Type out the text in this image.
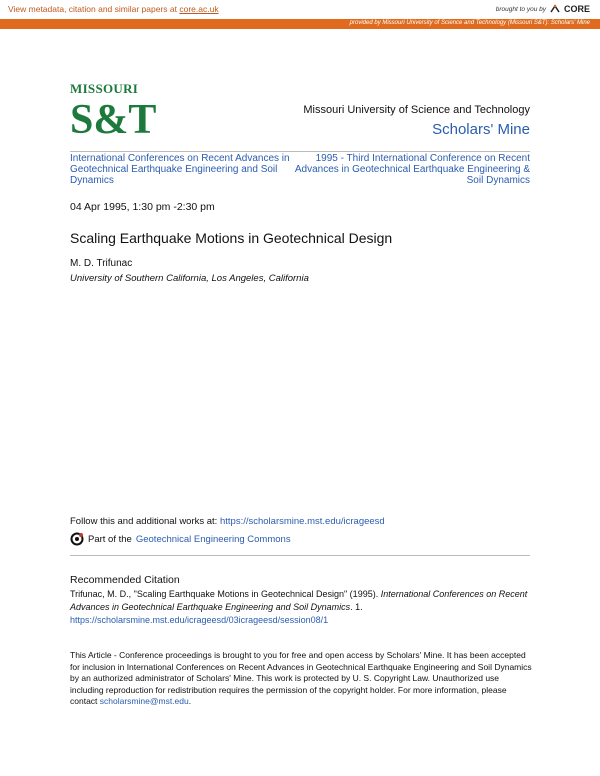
View metadata, citation and similar papers at core.ac.uk	brought to you by CORE
provided by Missouri University of Science and Technology (Missouri S&T): Scholars' Mine
MISSOURI
S&T	Missouri University of Science and Technology
Scholars' Mine
International Conferences on Recent Advances in Geotechnical Earthquake Engineering and Soil Dynamics
1995 - Third International Conference on Recent Advances in Geotechnical Earthquake Engineering & Soil Dynamics
04 Apr 1995, 1:30 pm -2:30 pm
Scaling Earthquake Motions in Geotechnical Design
M. D. Trifunac
University of Southern California, Los Angeles, California
Follow this and additional works at: https://scholarsmine.mst.edu/icrageesd
Part of the Geotechnical Engineering Commons
Recommended Citation
Trifunac, M. D., "Scaling Earthquake Motions in Geotechnical Design" (1995). International Conferences on Recent Advances in Geotechnical Earthquake Engineering and Soil Dynamics. 1.
https://scholarsmine.mst.edu/icrageesd/03icrageesd/session08/1
This Article - Conference proceedings is brought to you for free and open access by Scholars' Mine. It has been accepted for inclusion in International Conferences on Recent Advances in Geotechnical Earthquake Engineering and Soil Dynamics by an authorized administrator of Scholars' Mine. This work is protected by U. S. Copyright Law. Unauthorized use including reproduction for redistribution requires the permission of the copyright holder. For more information, please contact scholarsmine@mst.edu.
